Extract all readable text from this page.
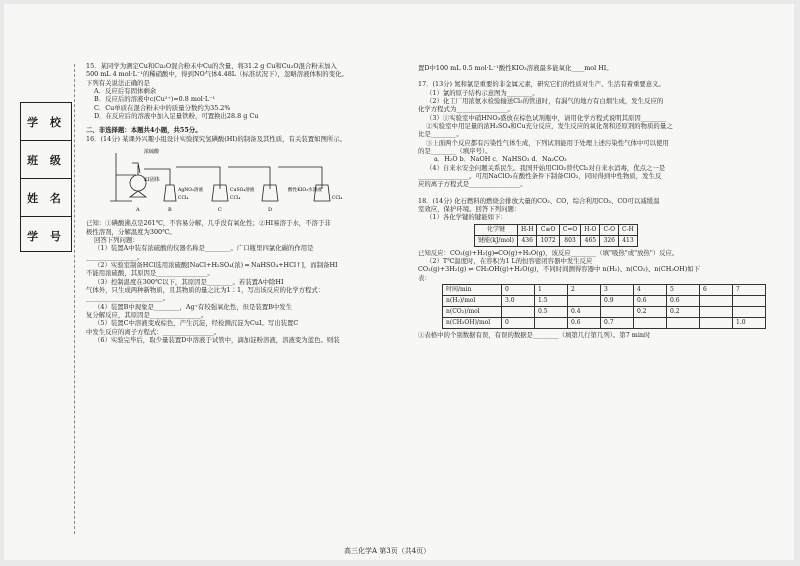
学 校
班 级
姓 名
学 号

15．某同学为测定Cu和Cu₂O混合粉末中Cu的含量，将31.2 g Cu和Cu₂O混合粉末加入

500 mL 4 mol·L⁻¹的稀硝酸中，得到NO气体4.48L（标准状况下），忽略溶液体积的变化。

下列有关说法正确的是

A．反应后有固体剩余

B．反应后的溶液中c(Cu²⁺)=0.8 mol·L⁻¹

C．Cu单质在混合粉末中的质量分数约为35.2%

D．在反应后的溶液中加入足量铁粉，可置换出28.8 g Cu

二、非选择题：本题共4小题，共55分。

16．(14分) 某课外兴趣小组设计实验探究氢碘酸(HI)的制备及其性质，有关装置如图所示。

浓硫酸
KI固体
AgNO₃溶液	CuSO₄溶液	酸性KIO₃水溶液
CCl₄	CCl₄	CCl₄
A	B	C	D

已知：①碘酸沸点是261℃，不容易分解，几乎没有氧化性；②HI易溶于水，不溶于非

极性溶剂，分解温度为300℃。

回答下列问题：

（1）装置A中装有浓硫酸的仪器名称是________。广口瓶里四氯化碳的作用是

________________。

（2）实验室制备HCl选用浓硫酸[NaCl+H₂SO₄(浓) ═ NaHSO₄+HCl↑]，而制备HI

不能用浓硫酸，其原因是________________。

（3）控制温度在300℃以下，其原因是________。若装置A中除HI

气体外，只生成两种新物质，且其物质的量之比为1∶1，写出该反应的化学方程式：

________________________。

（4）装置B中现象是________，Ag⁺有较强氧化性，但是装置B中发生

复分解反应，其原因是________________。

（5）装置C中溶液变成棕色，产生沉淀，经检测沉淀为CuI。写出装置C

中发生反应的离子方程式：________________。

（6）实验完毕后，取少量装置D中溶液于试管中，滴加淀粉溶液，溶液变为蓝色。则装

置D中100 mL 0.5 mol·L⁻¹酸性KIO₃溶液最多能氧化____mol HI。

17．(13分) 氮和氯是重要的非金属元素，研究它们的性质对生产、生活有着重要意义。

（1）氯的原子结构示意图为________。

（2）化工厂用浓氨水检验输送Cl₂的管道时，有漏气的地方有白烟生成，发生反应的

化学方程式为________________。

（3）①实验室中硝HNO₃盛放在棕色试剂瓶中，请用化学方程式说明其原因________

②实验室中用足量的浓H₂SO₄和Cu充分反应，发生反应的氧化剂和还原剂的物质的量之

比是________。

③上面两个反应都有污染性气体生成，下列试剂能用于处理上述污染性气体中可以使用

的是________（填序号）。

a．H₂O b．NaOH c．NaHSO₃ d．Na₂CO₃

（4）自来水安全问题关系民生。我国开始用ClO₂替代Cl₂对自来水消毒，优点之一是

________________。可用NaClO₂在酸性条件下制备ClO₂，同时得到中性物质，发生反

应的离子方程式是________________。

18．(14分) 化石燃料的燃烧会排放大量的CO₂、CO，综合利用CO₂、CO可以减缓温

室效应，保护环境。回答下列问题：

（1）各化学键的键能如下：

化学键	H-H	C≡O	C=O	H-O	C-O	C-H
键能(kJ/mol)	436	1072	803	465	326	413

已知反应：CO₂(g)+H₂(g)═CO(g)+H₂O(g)，该反应________（填"吸热"或"放热"）反应。

（2）T℃温度时，在容积为1 L的恒容密闭容器中发生反应

CO₂(g)+3H₂(g) ⇌ CH₃OH(g)+H₂O(g)，不同时间测得容器中 n(H₂)、n(CO₂)、n(CH₃OH)如下

表：

时间/min	0	1	2	3	4	5	6	7
n(H₂)/mol	3.0	1.5		0.9	0.6	0.6		
n(CO₂)/mol		0.5	0.4		0.2	0.2		
n(CH₃OH)/mol	0		0.6	0.7				1.0

①表格中的个别数据有误，有误的数据是________（填第几行第几列）。第7 min时

高三化学A 第3页（共4页）
